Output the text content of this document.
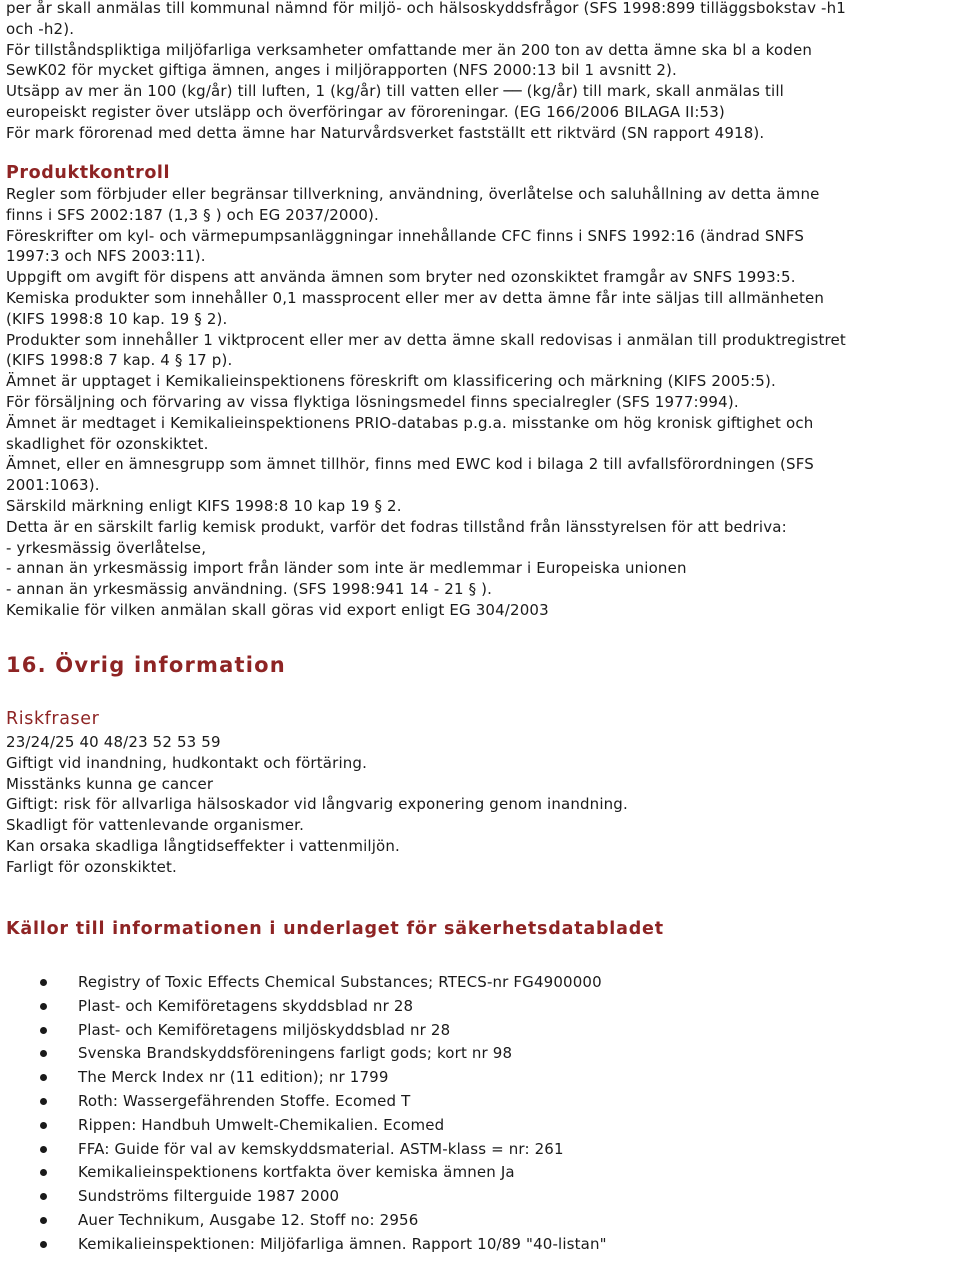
per år skall anmälas till kommunal nämnd för miljö- och hälsoskyddsfrågor (SFS 1998:899 tilläggsbokstav -h1
och -h2).
För tillståndspliktiga miljöfarliga verksamheter omfattande mer än 200 ton av detta ämne ska bl a koden
SewK02 för mycket giftiga ämnen, anges i miljörapporten (NFS 2000:13 bil 1 avsnitt 2).
Utsäpp av mer än 100 (kg/år) till luften, 1 (kg/år) till vatten eller ── (kg/år) till mark, skall anmälas till
europeiskt register över utsläpp och överföringar av föroreningar. (EG 166/2006 BILAGA II:53)
För mark förorenad med detta ämne har Naturvårdsverket fastställt ett riktvärd (SN rapport 4918).
Produktkontroll
Regler som förbjuder eller begränsar tillverkning, användning, överlåtelse och saluhållning av detta ämne
finns i SFS 2002:187 (1,3 § ) och EG 2037/2000).
Föreskrifter om kyl- och värmepumpsanläggningar innehållande CFC finns i SNFS 1992:16 (ändrad SNFS
1997:3 och NFS 2003:11).
Uppgift om avgift för dispens att använda ämnen som bryter ned ozonskiktet framgår av SNFS 1993:5.
Kemiska produkter som innehåller 0,1 massprocent eller mer av detta ämne får inte säljas till allmänheten
(KIFS 1998:8 10 kap. 19 § 2).
Produkter som innehåller 1 viktprocent eller mer av detta ämne skall redovisas i anmälan till produktregistret
(KIFS 1998:8 7 kap. 4 § 17 p).
Ämnet är upptaget i Kemikalieinspektionens föreskrift om klassificering och märkning (KIFS 2005:5).
För försäljning och förvaring av vissa flyktiga lösningsmedel finns specialregler (SFS 1977:994).
Ämnet är medtaget i Kemikalieinspektionens PRIO-databas p.g.a. misstanke om hög kronisk giftighet och
skadlighet för ozonskiktet.
Ämnet, eller en ämnesgrupp som ämnet tillhör, finns med EWC kod i bilaga 2 till avfallsförordningen (SFS
2001:1063).
Särskild märkning enligt KIFS 1998:8 10 kap 19 § 2.
Detta är en särskilt farlig kemisk produkt, varför det fodras tillstånd från länsstyrelsen för att bedriva:
- yrkesmässig överlåtelse,
- annan än yrkesmässig import från länder som inte är medlemmar i Europeiska unionen
- annan än yrkesmässig användning. (SFS 1998:941 14 - 21 § ).
Kemikalie för vilken anmälan skall göras vid export enligt EG 304/2003
16. Övrig information
Riskfraser
23/24/25 40 48/23 52 53 59
Giftigt vid inandning, hudkontakt och förtäring.
Misstänks kunna ge cancer
Giftigt: risk för allvarliga hälsoskador vid långvarig exponering genom inandning.
Skadligt för vattenlevande organismer.
Kan orsaka skadliga långtidseffekter i vattenmiljön.
Farligt för ozonskiktet.
Källor till informationen i underlaget för säkerhetsdatabladet
Registry of Toxic Effects Chemical Substances; RTECS-nr FG4900000
Plast- och Kemiföretagens skyddsblad nr 28
Plast- och Kemiföretagens miljöskyddsblad nr 28
Svenska Brandskyddsföreningens farligt gods; kort nr 98
The Merck Index nr (11 edition); nr 1799
Roth: Wassergefährenden Stoffe. Ecomed T
Rippen: Handbuh Umwelt-Chemikalien. Ecomed
FFA: Guide för val av kemskyddsmaterial. ASTM-klass = nr: 261
Kemikalieinspektionens kortfakta över kemiska ämnen Ja
Sundströms filterguide 1987 2000
Auer Technikum, Ausgabe 12. Stoff no: 2956
Kemikalieinspektionen: Miljöfarliga ämnen. Rapport 10/89 "40-listan"
